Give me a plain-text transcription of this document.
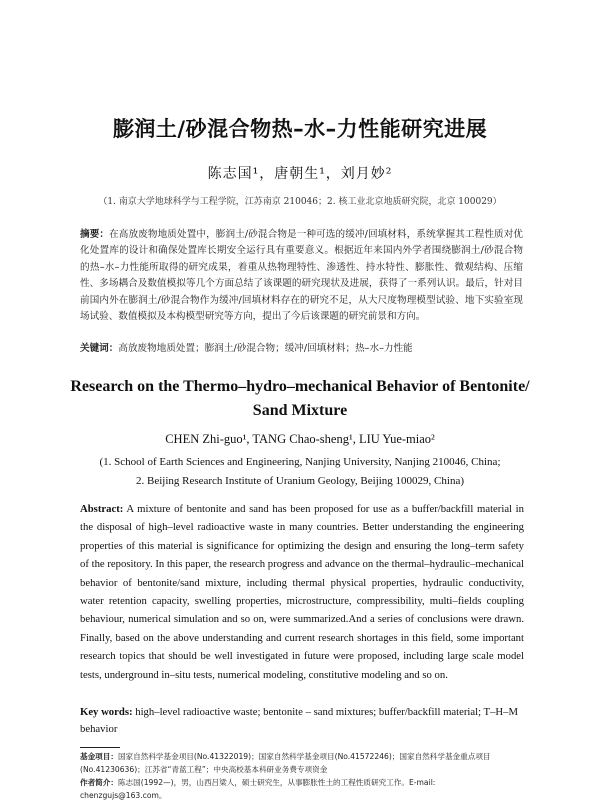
膨润土/砂混合物热–水–力性能研究进展
陈志国¹，唐朝生¹，刘月妙²
（1. 南京大学地球科学与工程学院，江苏南京 210046；2. 核工业北京地质研究院，北京 100029）
摘要：在高放废物地质处置中，膨润土/砂混合物是一种可选的缓冲/回填材料，系统掌握其工程性质对优化处置库的设计和确保处置库长期安全运行具有重要意义。根据近年来国内外学者围绕膨润土/砂混合物的热–水–力性能所取得的研究成果，着重从热物理特性、渗透性、持水特性、膨胀性、微观结构、压缩性、多场耦合及数值模拟等几个方面总结了该课题的研究现状及进展，获得了一系列认识。最后，针对目前国内外在膨润土/砂混合物作为缓冲/回填材料存在的研究不足，从大尺度物理模型试验、地下实验室现场试验、数值模拟及本构模型研究等方向，提出了今后该课题的研究前景和方向。
关键词：高放废物地质处置；膨润土/砂混合物；缓冲/回填材料；热–水–力性能
Research on the Thermo–hydro–mechanical Behavior of Bentonite/ Sand Mixture
CHEN Zhi-guo¹, TANG Chao-sheng¹, LIU Yue-miao²
(1. School of Earth Sciences and Engineering, Nanjing University, Nanjing 210046, China;
2. Beijing Research Institute of Uranium Geology, Beijing 100029, China)
Abstract: A mixture of bentonite and sand has been proposed for use as a buffer/backfill material in the disposal of high–level radioactive waste in many countries. Better understanding the engineering properties of this material is significance for optimizing the design and ensuring the long–term safety of the repository. In this paper, the research progress and advance on the thermal–hydraulic–mechanical behavior of bentonite/sand mixture, including thermal physical properties, hydraulic conductivity, water retention capacity, swelling properties, microstructure, compressibility, multi–fields coupling behaviour, numerical simulation and so on, were summarized.And a series of conclusions were drawn. Finally, based on the above understanding and current research shortages in this field, some important research topics that should be well investigated in future were proposed, including large scale model tests, underground in–situ tests, numerical modeling, constitutive modeling and so on.
Key words: high–level radioactive waste; bentonite – sand mixtures; buffer/backfill material; T–H–M behavior
基金项目：国家自然科学基金项目(No.41322019)；国家自然科学基金项目(No.41572246)；国家自然科学基金重点项目(No.41230636)；江苏省“青蓝工程”；中央高校基本科研业务费专项资金
作者简介：陈志国(1992—)，男，山西吕梁人，硕士研究生，从事膨胀性土的工程性质研究工作。E-mail: chenzgujs@163.com。
